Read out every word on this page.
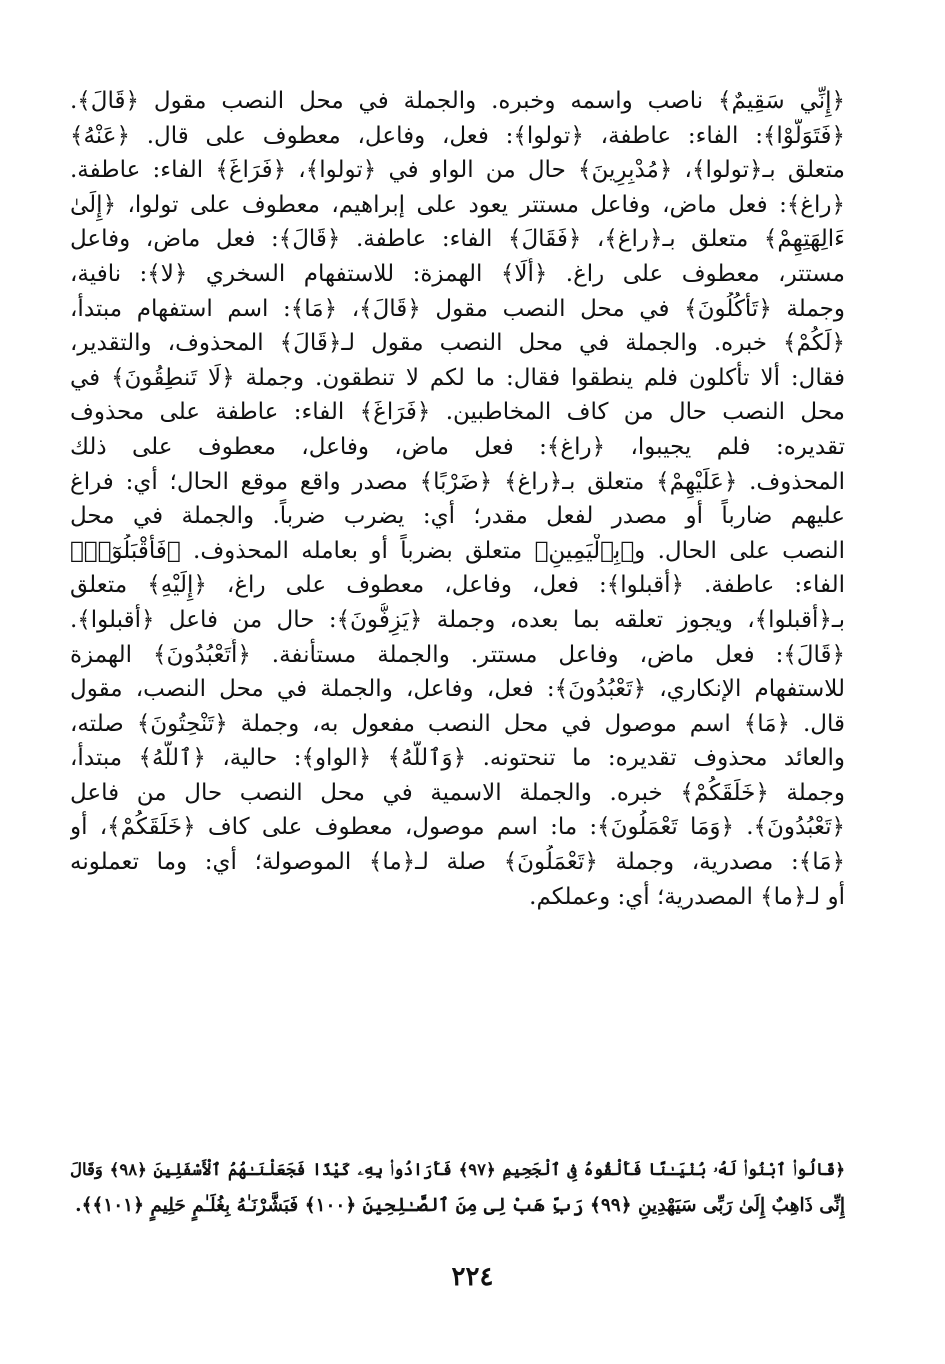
﴿إِنِّي سَقِيمٌ﴾ ناصب واسمه وخبره. والجملة في محل النصب مقول ﴿قَالَ﴾.
﴿فَتَوَلَّوْا﴾: الفاء: عاطفة، ﴿تولوا﴾: فعل، وفاعل، معطوف على قال. ﴿عَنْهُ﴾
متعلق بـ﴿تولوا﴾، ﴿مُدْبِرِينَ﴾ حال من الواو في ﴿تولوا﴾، ﴿فَرَاغَ﴾ الفاء: عاطفة.
﴿راغ﴾: فعل ماض، وفاعل مستتر يعود على إبراهيم، معطوف على تولوا، ﴿إِلَىٰ
ءَالِهَتِهِمْ﴾ متعلق بـ﴿راغ﴾، ﴿فَقَالَ﴾ الفاء: عاطفة. ﴿قَالَ﴾: فعل ماض، وفاعل
مستتر، معطوف على راغ. ﴿أَلَا﴾ الهمزة: للاستفهام السخري ﴿لا﴾: نافية،
وجملة ﴿تَأْكُلُونَ﴾ في محل النصب مقول ﴿قَالَ﴾، ﴿مَا﴾: اسم استفهام مبتدأ،
﴿لَكُمْ﴾ خبره. والجملة في محل النصب مقول لـ﴿قَالَ﴾ المحذوف، والتقدير،
فقال: ألا تأكلون فلم ينطقوا فقال: ما لكم لا تنطقون. وجملة ﴿لَا تَنطِقُونَ﴾ في
محل النصب حال من كاف المخاطبين. ﴿فَرَاغَ﴾ الفاء: عاطفة على محذوف
تقديره: فلم يجيبوا، ﴿راغ﴾: فعل ماض، وفاعل، معطوف على ذلك
المحذوف. ﴿عَلَيْهِمْ﴾ متعلق بـ﴿راغ﴾ ﴿ضَرْبًا﴾ مصدر واقع موقع الحال؛ أي: فراغ
عليهم ضارباً أو مصدر لفعل مقدر؛ أي: يضرب ضرباً. والجملة في محل
النصب على الحال. و﴿بِٱلْيَمِينِ﴾ متعلق بضرباً أو بعامله المحذوف. ﴿فَأَقْبَلُوٓا۟﴾
الفاء: عاطفة. ﴿أقبلوا﴾: فعل، وفاعل، معطوف على راغ، ﴿إِلَيْهِ﴾ متعلق
بـ﴿أقبلوا﴾، ويجوز تعلقه بما بعده، وجملة ﴿يَزِفُّونَ﴾: حال من فاعل ﴿أقبلوا﴾.
﴿قَالَ﴾: فعل ماض، وفاعل مستتر. والجملة مستأنفة. ﴿أَتَعْبُدُونَ﴾ الهمزة
للاستفهام الإنكاري، ﴿تَعْبُدُونَ﴾: فعل، وفاعل، والجملة في محل النصب، مقول
قال. ﴿مَا﴾ اسم موصول في محل النصب مفعول به، وجملة ﴿تَنْحِتُونَ﴾ صلته،
والعائد محذوف تقديره: ما تنحتونه. ﴿وَٱللَّهُ﴾ ﴿الواو﴾: حالية، ﴿ٱللَّهُ﴾ مبتدأ،
وجملة ﴿خَلَقَكُمْ﴾ خبره. والجملة الاسمية في محل النصب حال من فاعل
﴿تَعْبُدُونَ﴾. ﴿وَمَا تَعْمَلُونَ﴾: ما: اسم موصول، معطوف على كاف ﴿خَلَقَكُمْ﴾، أو
﴿مَا﴾: مصدرية، وجملة ﴿تَعْمَلُونَ﴾ صلة لـ﴿ما﴾ الموصولة؛ أي: وما تعملونه
أو لـ﴿ما﴾ المصدرية؛ أي: وعملكم.

﴿قَالُوا۟ ٱبْنُوا۟ لَهُۥ بُنْيَـٰنًا فَأَلْقُوهُ فِى ٱلْجَحِيمِ ﴿٩٧﴾ فَأَرَادُوا۟ بِهِۦ كَيْدًا فَجَعَلْنَـٰهُمُ ٱلْأَسْفَلِينَ ﴿٩٨﴾ وَقَالَ
إِنِّى ذَاهِبٌ إِلَىٰ رَبِّى سَيَهْدِينِ ﴿٩٩﴾ رَبِّ هَبْ لِى مِنَ ٱلصَّـٰلِحِينَ ﴿١٠٠﴾ فَبَشَّرْنَـٰهُ بِغُلَـٰمٍ حَلِيمٍ ﴿١٠١﴾﴾.
٢٢٤
